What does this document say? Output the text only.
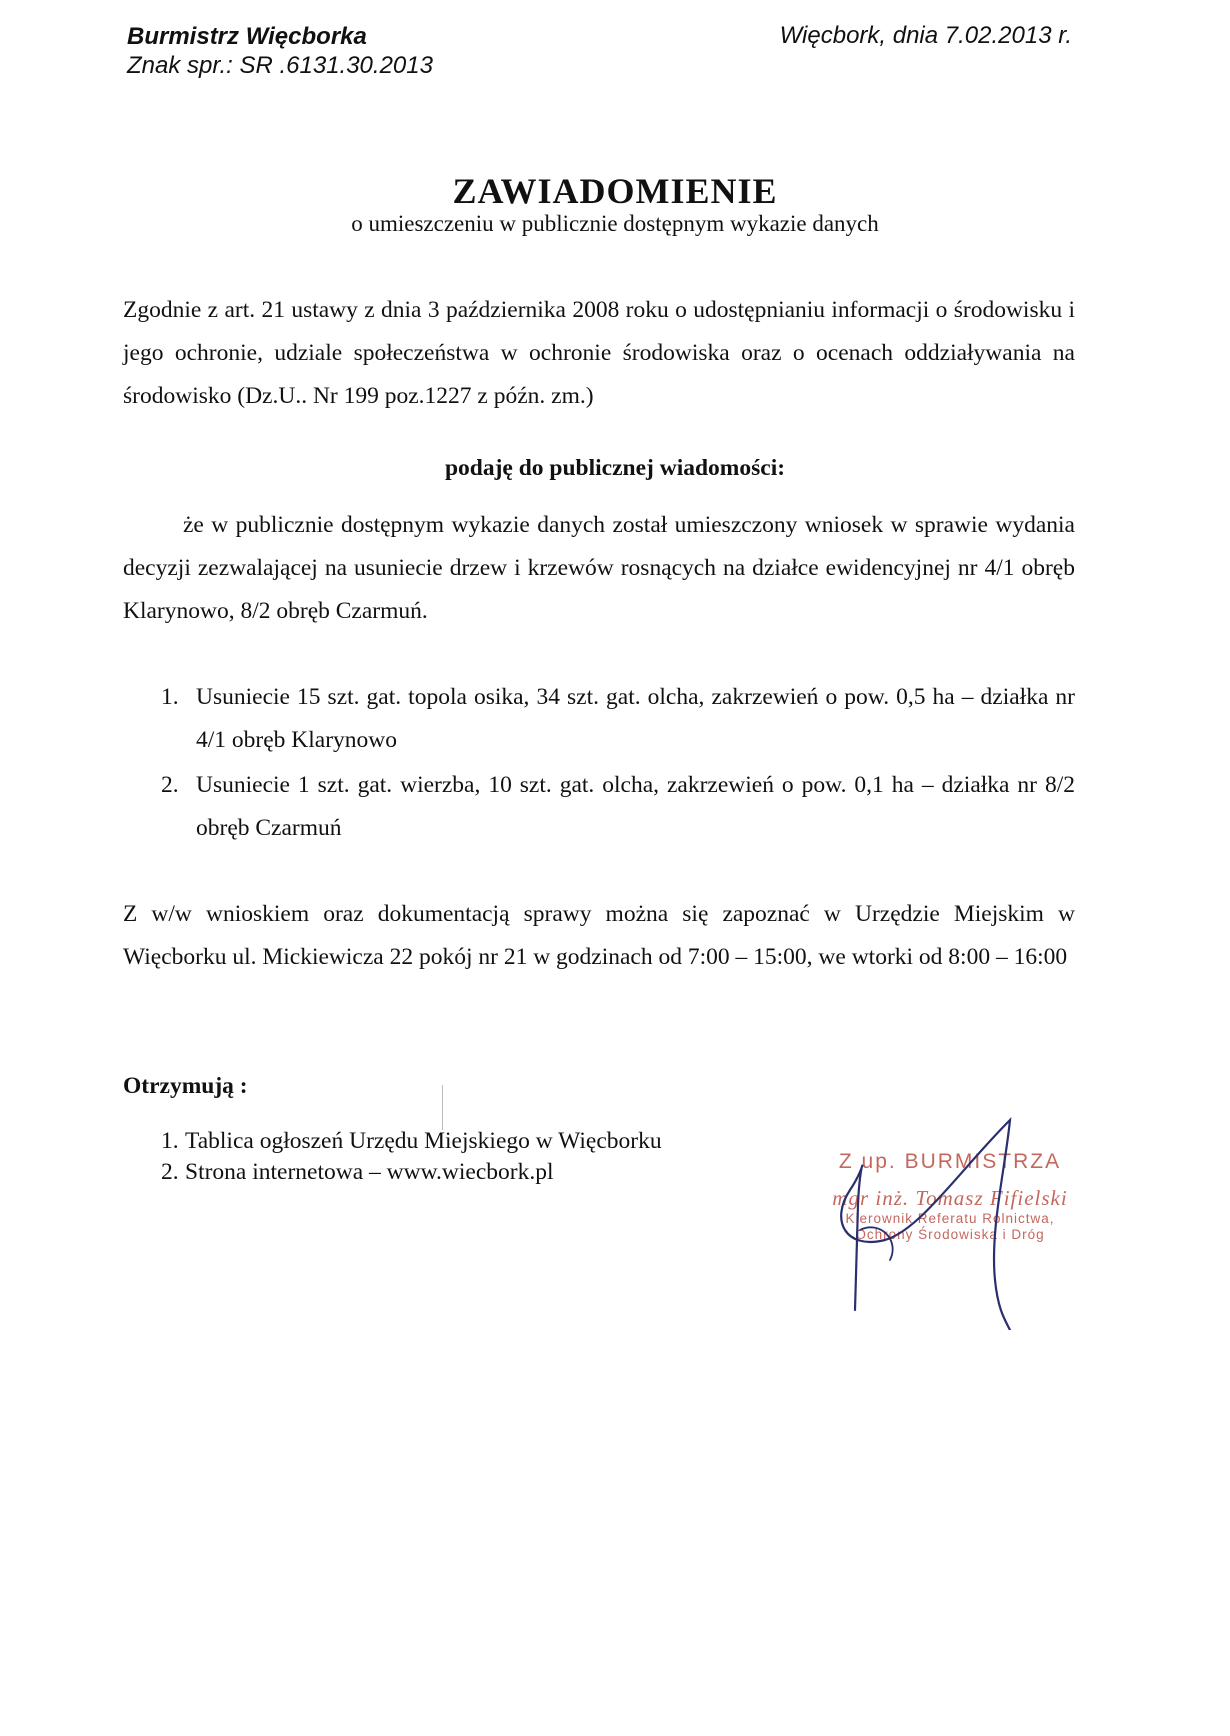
Burmistrz Więcborka
Znak spr.: SR .6131.30.2013
Więcbork, dnia 7.02.2013 r.
ZAWIADOMIENIE
o umieszczeniu w publicznie dostępnym wykazie danych

Zgodnie z art. 21 ustawy z dnia 3 października 2008 roku o udostępnianiu informacji o środowisku i jego ochronie, udziale społeczeństwa w ochronie środowiska oraz o ocenach oddziaływania na środowisko (Dz.U.. Nr 199 poz.1227 z późn. zm.)

podaję do publicznej wiadomości:

że w publicznie dostępnym wykazie danych został umieszczony wniosek w sprawie wydania decyzji zezwalającej na usuniecie drzew i krzewów rosnących na działce ewidencyjnej nr 4/1 obręb Klarynowo, 8/2 obręb Czarmuń.

1. Usuniecie 15 szt. gat. topola osika, 34 szt. gat. olcha, zakrzewień o pow. 0,5 ha – działka nr 4/1 obręb Klarynowo
2. Usuniecie 1 szt. gat. wierzba, 10 szt. gat. olcha, zakrzewień o pow. 0,1 ha – działka nr 8/2 obręb Czarmuń

Z w/w wnioskiem oraz dokumentacją sprawy można się zapoznać w Urzędzie Miejskim w Więcborku ul. Mickiewicza 22 pokój nr 21 w godzinach od 7:00 – 15:00, we wtorki od 8:00 – 16:00

Otrzymują :
1. Tablica ogłoszeń Urzędu Miejskiego w Więcborku
2. Strona internetowa – www.wiecbork.pl	Z up. BURMISTRZA
mgr inż. Tomasz Fifielski
Kierownik Referatu Rolnictwa,
Ochrony Środowiska i Dróg
